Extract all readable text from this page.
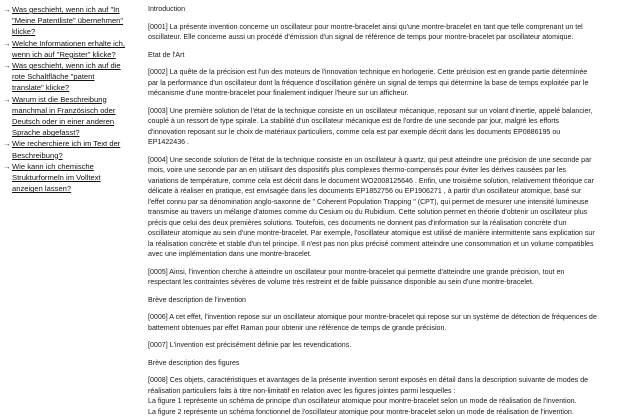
→ Was geschieht, wenn ich auf "In
"Meine Patentliste" übernehmen"
klicke?
→ Welche Informationen erhalte ich,
wenn ich auf "Register" klicke?
→ Was geschieht, wenn ich auf die
rote Schaltfläche "patent
translate" klicke?
→ Warum ist die Beschreibung
manchmal in Französisch oder
Deutsch oder in einer anderen
Sprache abgefasst?
→ Wie recherchiere ich im Text der
Beschreibung?
→ Wie kann ich chemische
Strukturformeln im Volltext
anzeigen lassen?

Introduction

[0001] La présente invention concerne un oscillateur pour montre-bracelet ainsi qu'une montre-bracelet en tant que telle comprenant un tel
oscillateur. Elle concerne aussi un procédé d'émission d'un signal de référence de temps pour montre-bracelet par oscillateur atomique.

Etat de l'Art

[0002] La quête de la précision est l'un des moteurs de l'innovation technique en horlogerie. Cette précision est en grande partie déterminée
par la performance d'un oscillateur dont la fréquence d'oscillation génère un signal de temps qui détermine la base de temps exploitée par le
mécanisme d'une montre-bracelet pour finalement indiquer l'heure sur un afficheur.

[0003] Une première solution de l'état de la technique consiste en un oscillateur mécanique, reposant sur un volant d'inertie, appelé balancier,
couplé à un ressort de type spirale. La stabilité d'un oscillateur mécanique est de l'ordre de une seconde par jour, malgré les efforts
d'innovation reposant sur le choix de matériaux particuliers, comme cela est par exemple décrit dans les documents EP0886195 ou
EP1422436 .

[0004] Une seconde solution de l'état de la technique consiste en un oscillateur à quartz, qui peut atteindre une précision de une seconde par
mois, voire une seconde par an en utilisant des dispositifs plus complexes thermo-compensés pour éviter les dérives causées par les
variations de température, comme cela est décrit dans le document WO2008125646 . Enfin, une troisième solution, relativement théorique car
délicate à réaliser en pratique, est envisagée dans les documents EP1852756 ou EP1906271 , à partir d'un oscillateur atomique, basé sur
l'effet connu par sa dénomination anglo-saxonne de " Coherent Population Trapping " (CPT), qui permet de mesurer une intensité lumineuse
transmise au travers un mélange d'atomes comme du Cesium ou du Rubidium. Cette solution permet en théorie d'obtenir un oscillateur plus
précis que celui des deux premières solutions. Toutefois, ces documents ne donnent pas d'information sur la réalisation concrète d'un
oscillateur atomique au sein d'une montre-bracelet. Par exemple, l'oscillateur atomique est utilisé de manière intermittente sans explication sur
la réalisation concrète et stable d'un tel principe. Il n'est pas non plus précisé comment atteindre une consommation et un volume compatibles
avec une implémentation dans une montre-bracelet.

[0005] Ainsi, l'invention cherche à atteindre un oscillateur pour montre-bracelet qui permette d'atteindre une grande précision, tout en
respectant les contraintes sévères de volume très restreint et de faible puissance disponible au sein d'une montre-bracelet.

Brève description de l'invention

[0006] A cet effet, l'invention repose sur un oscillateur atomique pour montre-bracelet qui repose sur un système de détection de fréquences de
battement obtenues par effet Raman pour obtenir une référence de temps de grande précision.

[0007] L'invention est précisément définie par les revendications.

Brève description des figures

[0008] Ces objets, caractéristiques et avantages de la présente invention seront exposés en détail dans la description suivante de modes de
réalisation particuliers faits à titre non-limitatif en relation avec les figures jointes parmi lesquelles :
La figure 1 représente un schéma de principe d'un oscillateur atomique pour montre-bracelet selon un mode de réalisation de l'invention.
La figure 2 représente un schéma fonctionnel de l'oscillateur atomique pour montre-bracelet selon un mode de réalisation de l'invention.
